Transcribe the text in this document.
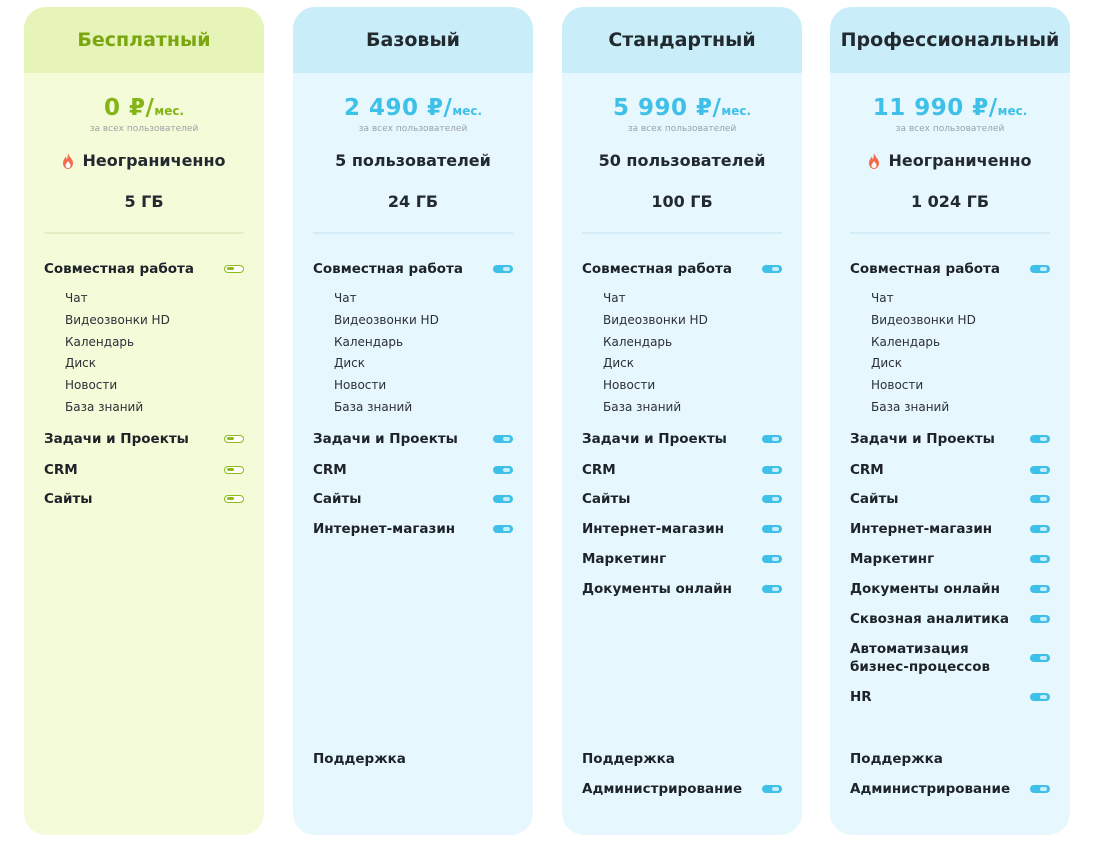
Бесплатный
0 ₽/мес.
за всех пользователей
Неограниченно
5 ГБ
Совместная работа
Чат
Видеозвонки HD
Календарь
Диск
Новости
База знаний
Задачи и Проекты
CRM
Сайты
Базовый
2 490 ₽/мес.
за всех пользователей
5 пользователей
24 ГБ
Совместная работа
Чат
Видеозвонки HD
Календарь
Диск
Новости
База знаний
Задачи и Проекты
CRM
Сайты
Интернет-магазин
Поддержка
Стандартный
5 990 ₽/мес.
за всех пользователей
50 пользователей
100 ГБ
Совместная работа
Чат
Видеозвонки HD
Календарь
Диск
Новости
База знаний
Задачи и Проекты
CRM
Сайты
Интернет-магазин
Маркетинг
Документы онлайн
Поддержка
Администрирование
Профессиональный
11 990 ₽/мес.
за всех пользователей
Неограниченно
1 024 ГБ
Совместная работа
Чат
Видеозвонки HD
Календарь
Диск
Новости
База знаний
Задачи и Проекты
CRM
Сайты
Интернет-магазин
Маркетинг
Документы онлайн
Сквозная аналитика
Автоматизация бизнес-процессов
HR
Поддержка
Администрирование
